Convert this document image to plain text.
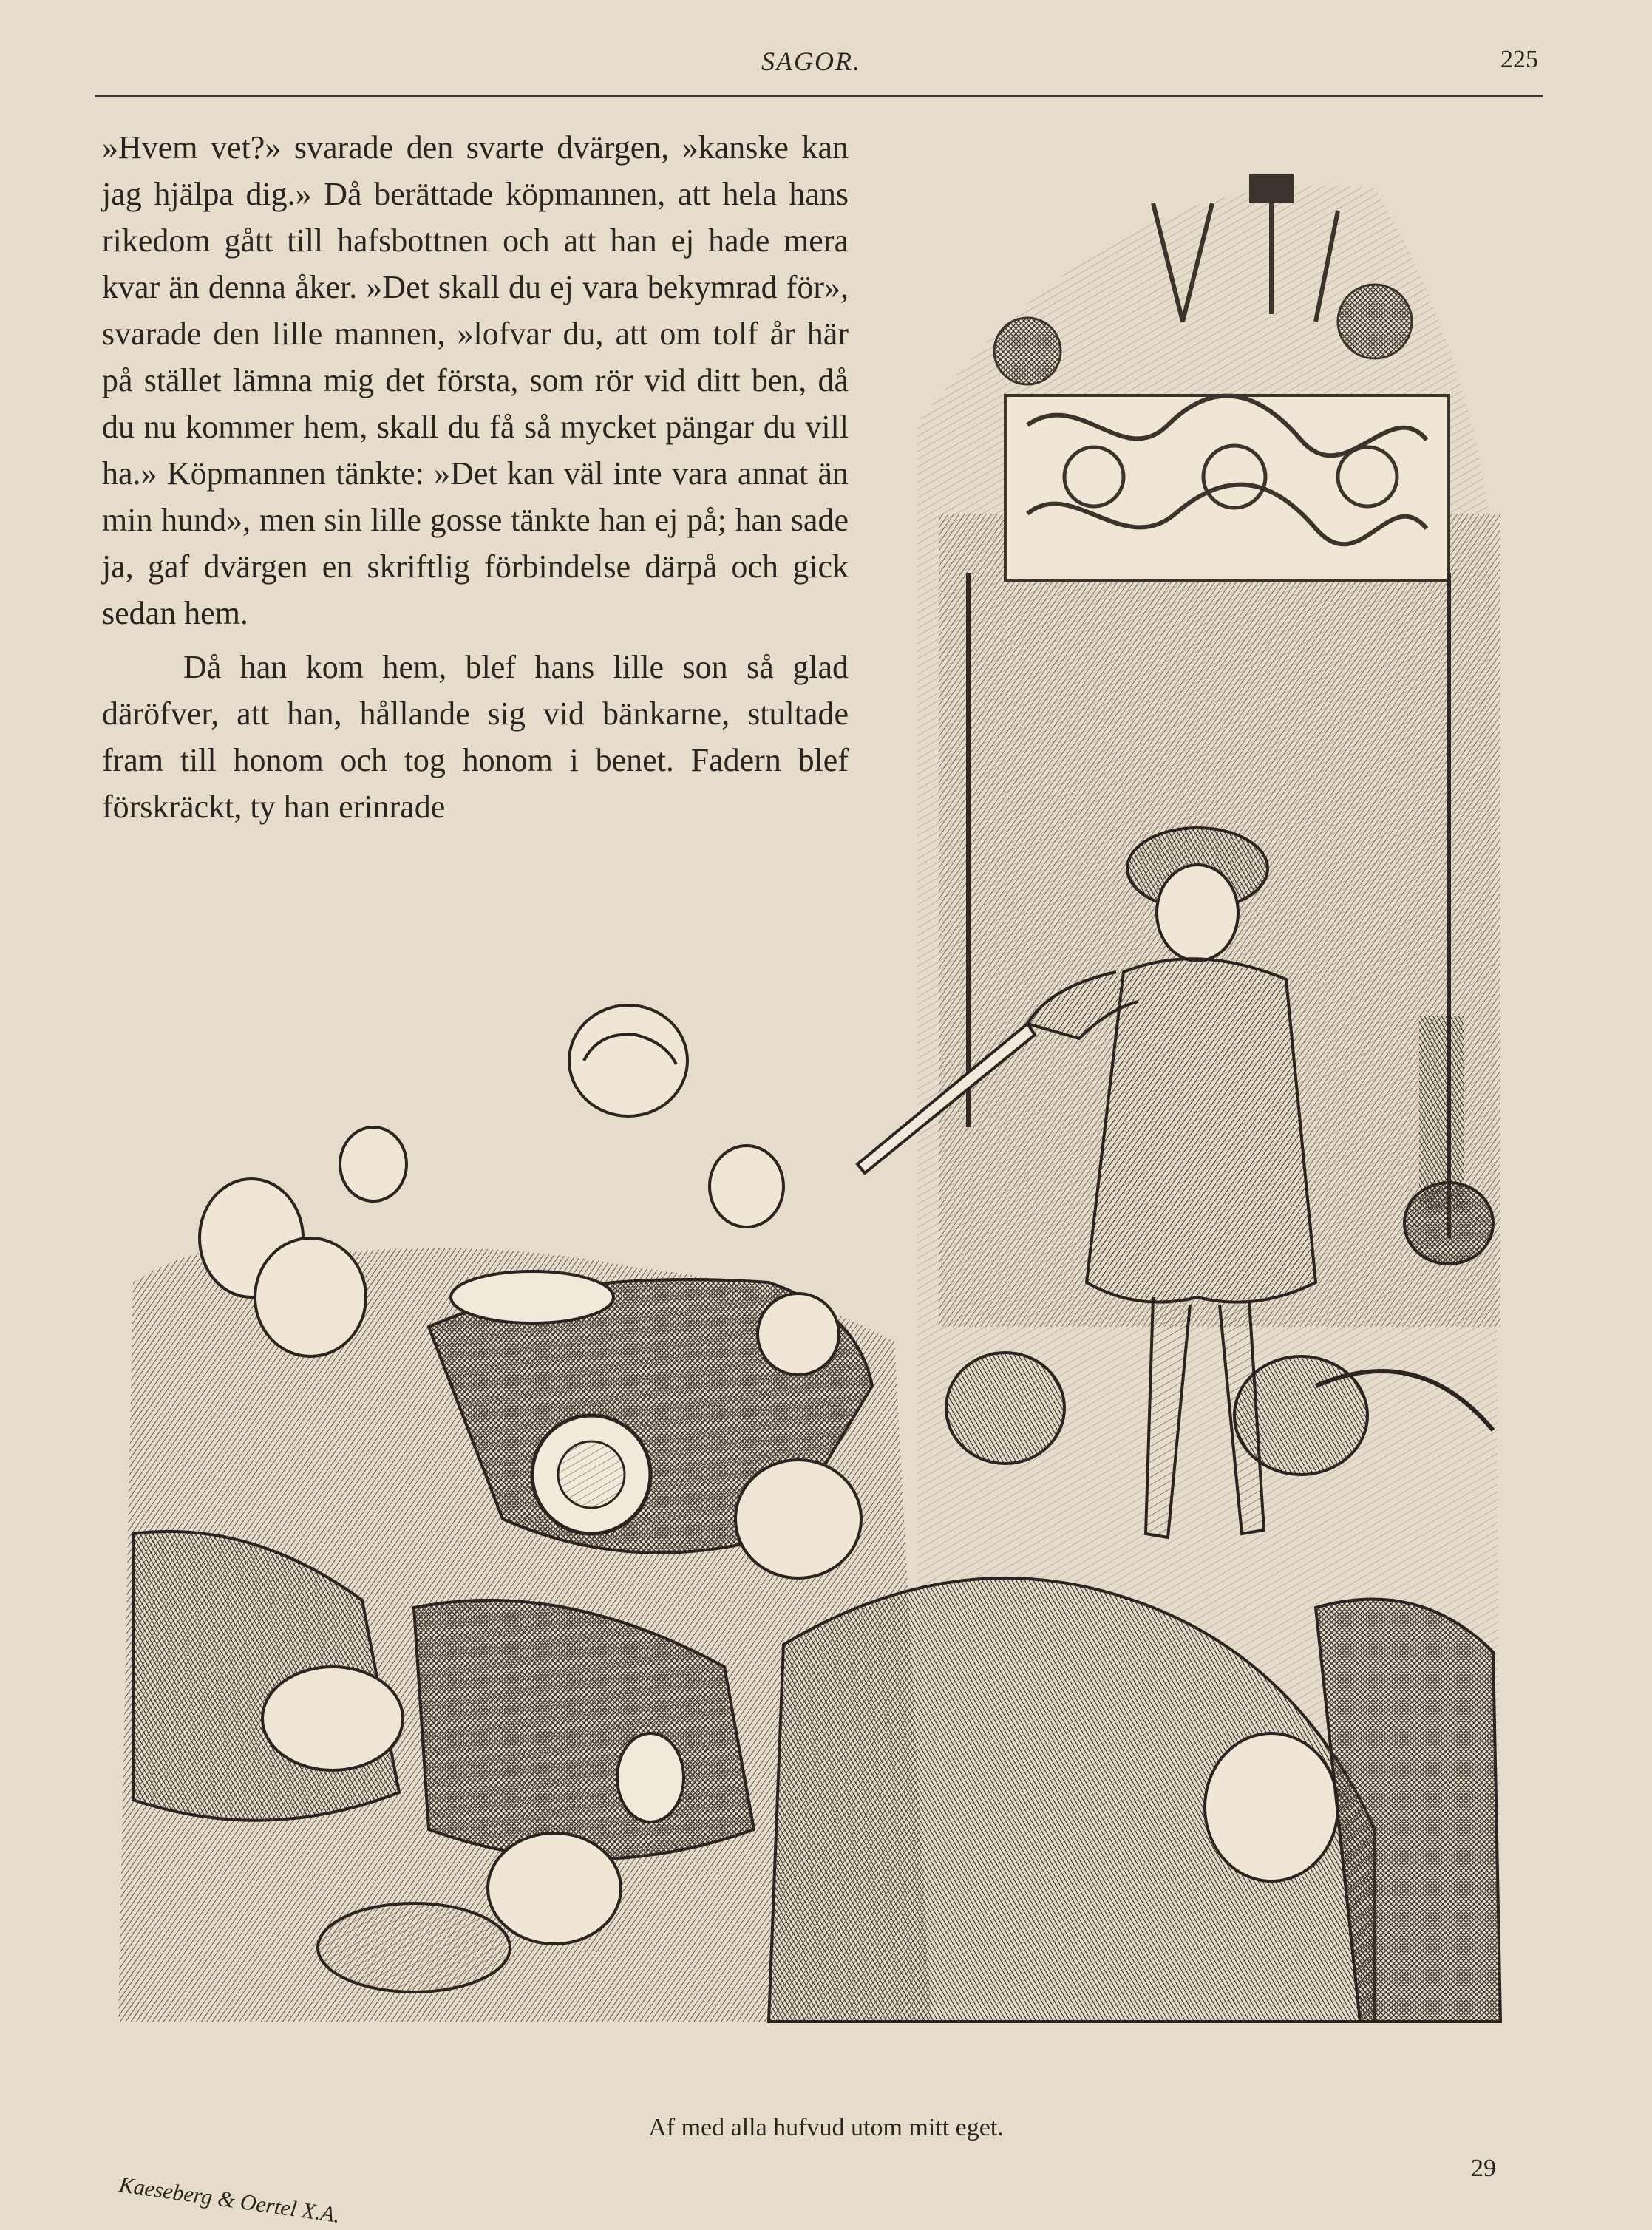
SAGOR.	225
Kaeseberg & Oertel X.A.

»Hvem vet?» svarade den svarte dvärgen, »kanske kan jag hjälpa dig.» Då berättade köpmannen, att hela hans rikedom gått till hafsbottnen och att han ej hade mera kvar än denna åker. »Det skall du ej vara bekymrad för», svarade den lille mannen, »lofvar du, att om tolf år här på stället lämna mig det första, som rör vid ditt ben, då du nu kommer hem, skall du få så mycket pängar du vill ha.» Köpmannen tänkte: »Det kan väl inte vara annat än min hund», men sin lille gosse tänkte han ej på; han sade ja, gaf dvärgen en skriftlig förbindelse därpå och gick sedan hem.

Då han kom hem, blef hans lille son så glad däröfver, att han, hållande sig vid bänkarne, stultade fram till honom och tog honom i benet. Fadern blef förskräckt, ty han erinrade

Af med alla hufvud utom mitt eget.
29
